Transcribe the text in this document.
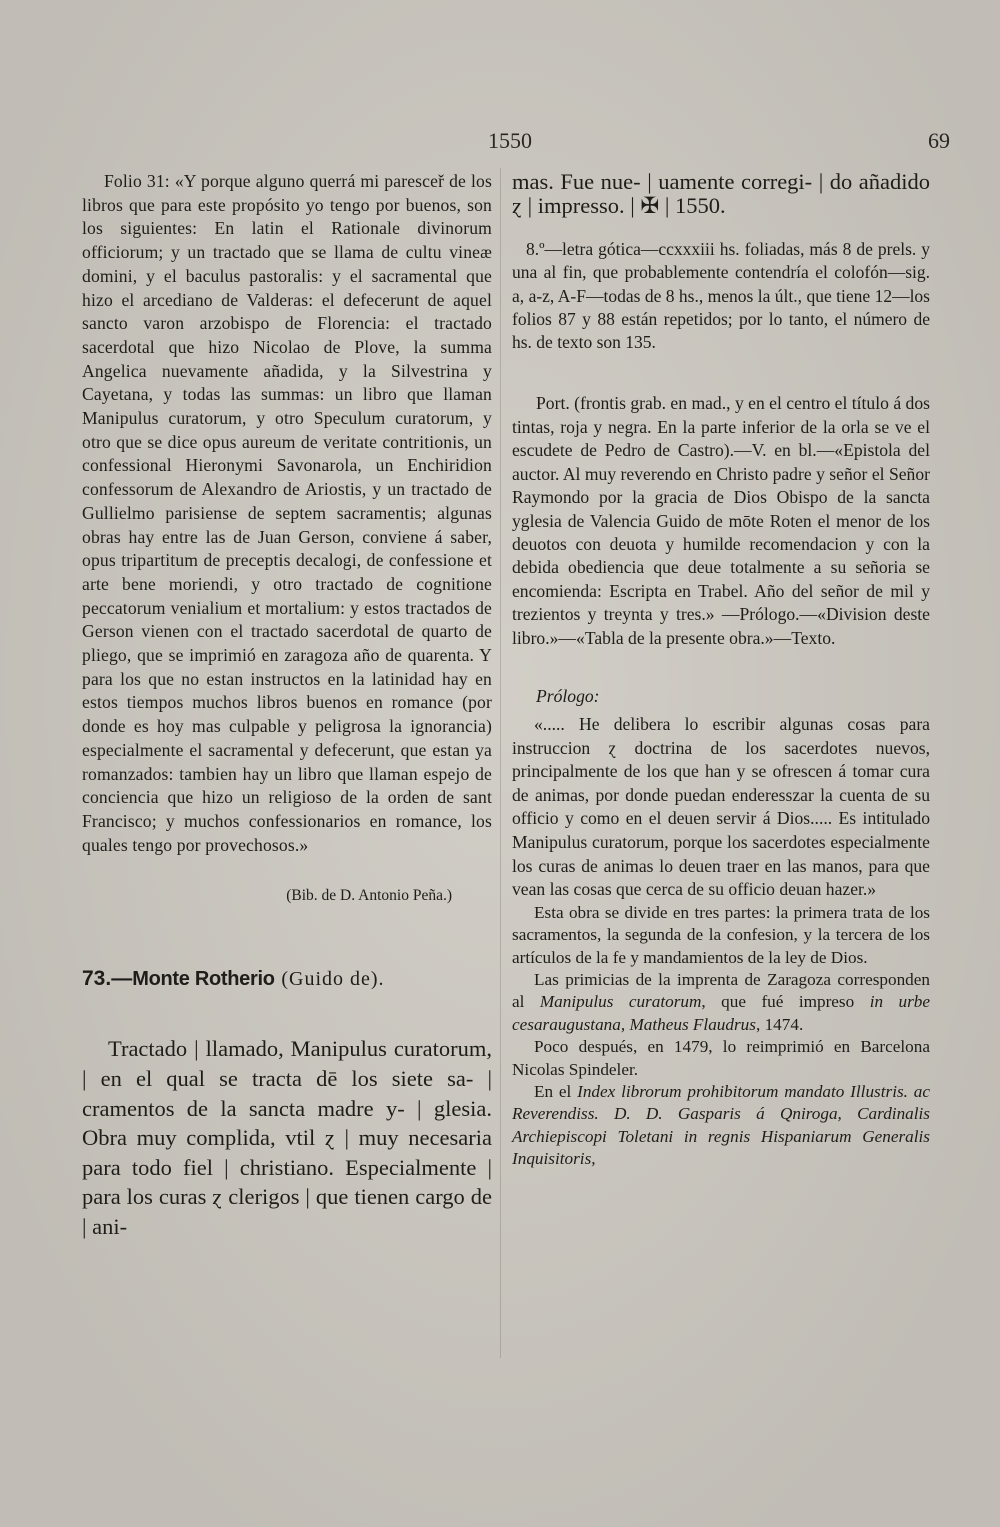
1550	69

Folio 31: «Y porque alguno querrá mi paresceř de los libros que para este propósito yo tengo por buenos, son los siguientes: En latin el Rationale divinorum officiorum; y un tractado que se llama de cultu vineæ domini, y el baculus pastoralis: y el sacramental que hizo el arcediano de Valderas: el defecerunt de aquel sancto varon arzobispo de Florencia: el tractado sacerdotal que hizo Nicolao de Plove, la summa Angelica nuevamente añadida, y la Silvestrina y Cayetana, y todas las summas: un libro que llaman Manipulus curatorum, y otro Speculum curatorum, y otro que se dice opus aureum de veritate contritionis, un confessional Hieronymi Savonarola, un Enchiridion confessorum de Alexandro de Ariostis, y un tractado de Gullielmo parisiense de septem sacramentis; algunas obras hay entre las de Juan Gerson, conviene á saber, opus tripartitum de preceptis decalogi, de confessione et arte bene moriendi, y otro tractado de cognitione peccatorum venialium et mortalium: y estos tractados de Gerson vienen con el tractado sacerdotal de quarto de pliego, que se imprimió en zaragoza año de quarenta. Y para los que no estan instructos en la latinidad hay en estos tiempos muchos libros buenos en romance (por donde es hoy mas culpable y peligrosa la ignorancia) especialmente el sacramental y defecerunt, que estan ya romanzados: tambien hay un libro que llaman espejo de conciencia que hizo un religioso de la orden de sant Francisco; y muchos confessionarios en romance, los quales tengo por provechosos.»

(Bib. de D. Antonio Peña.)

73.—Monte Rotherio (Guido de).

Tractado | llamado, Manipulus curatorum, | en el qual se tracta dē los siete sa- | cramentos de la sancta madre y- | glesia. Obra muy complida, vtil ɀ | muy necesaria para todo fiel | christiano. Especialmente | para los curas ɀ clerigos | que tienen cargo de | ani-

mas. Fue nue- | uamente corregi- | do añadido ɀ | impresso. | ✠ | 1550.

8.º—letra gótica—ccxxxiii hs. foliadas, más 8 de prels. y una al fin, que probablemente contendría el colofón—sig. a, a-z, A-F—todas de 8 hs., menos la últ., que tiene 12—los folios 87 y 88 están repetidos; por lo tanto, el número de hs. de texto son 135.

Port. (frontis grab. en mad., y en el centro el título á dos tintas, roja y negra. En la parte inferior de la orla se ve el escudete de Pedro de Castro).—V. en bl.—«Epistola del auctor. Al muy reverendo en Christo padre y señor el Señor Raymondo por la gracia de Dios Obispo de la sancta yglesia de Valencia Guido de mōte Roten el menor de los deuotos con deuota y humilde recomendacion y con la debida obediencia que deue totalmente a su señoria se encomienda: Escripta en Trabel. Año del señor de mil y trezientos y treynta y tres.» —Prólogo.—«Division deste libro.»—«Tabla de la presente obra.»—Texto.

Prólogo:

«..... He delibera lo escribir algunas cosas para instruccion ɀ doctrina de los sacerdotes nuevos, principalmente de los que han y se ofrescen á tomar cura de animas, por donde puedan enderesszar la cuenta de su officio y como en el deuen servir á Dios..... Es intitulado Manipulus curatorum, porque los sacerdotes especialmente los curas de animas lo deuen traer en las manos, para que vean las cosas que cerca de su officio deuan hazer.»

Esta obra se divide en tres partes: la primera trata de los sacramentos, la segunda de la confesion, y la tercera de los artículos de la fe y mandamientos de la ley de Dios.

Las primicias de la imprenta de Zaragoza corresponden al Manipulus curatorum, que fué impreso in urbe cesaraugustana, Matheus Flaudrus, 1474.

Poco después, en 1479, lo reimprimió en Barcelona Nicolas Spindeler.

En el Index librorum prohibitorum mandato Illustris. ac Reverendiss. D. D. Gasparis á Qniroga, Cardinalis Archiepiscopi Toletani in regnis Hispaniarum Generalis Inquisitoris,
